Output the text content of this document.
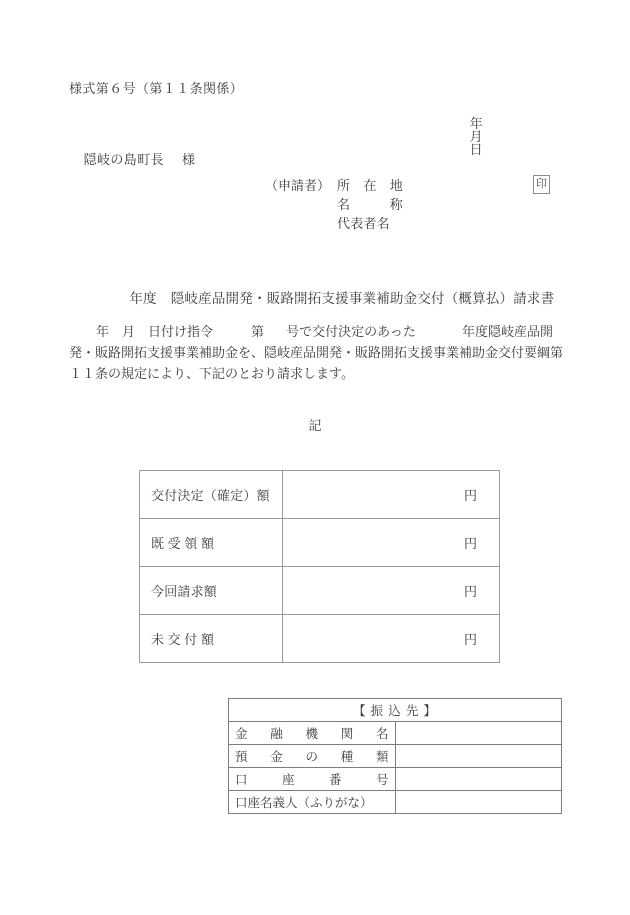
様式第６号（第１１条関係）

年
月
日

隠岐の島町長 様

（申請者） 所　在　地
名　　　称
代表者名
印

年度 隠岐産品開発・販路開拓支援事業補助金交付（概算払）請求書

年 月 日付け指令	第 号で交付決定のあった	年度隠岐産品開発・販路開拓支援事業補助金を、隠岐産品開発・販路開拓支援事業補助金交付要綱第１１条の規定により、下記のとおり請求します。
記
交付決定（確定）額	円
既 受 領 額	円
今回請求額	円
未 交 付 額	円
【 振 込 先 】	
金融機関名	
預金の種類	
口座番号	
口座名義人（ふりがな）	
